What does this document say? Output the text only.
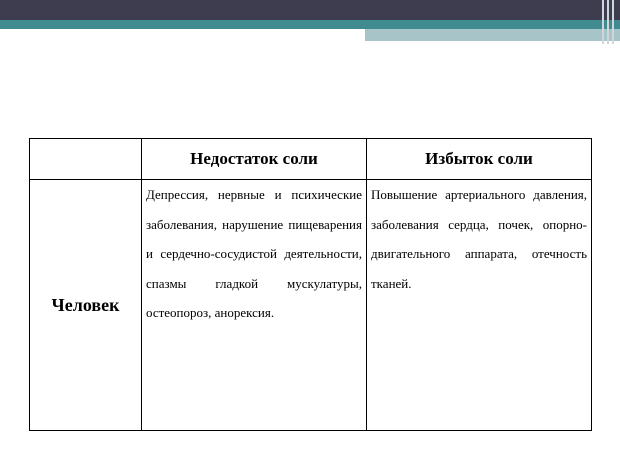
	Недостаток соли	Избыток соли
Человек	Депрессия, нервные и психические заболевания, нарушение пищеварения и сердечно-сосудистой деятельности, спазмы гладкой мускулатуры, остеопороз, анорексия.	Повышение артериального давления, заболевания сердца, почек, опорно-двигательного аппарата, отечность тканей.
